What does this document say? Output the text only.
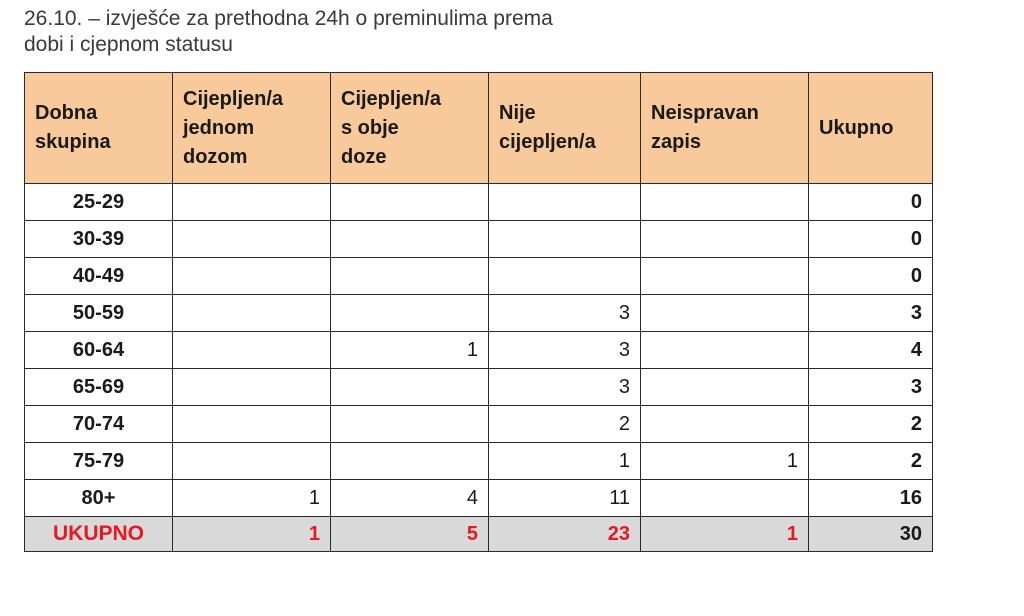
26.10. – izvješće za prethodna 24h o preminulima prema
dobi i cjepnom statusu
Dobna
skupina	Cijepljen/a
jednom
dozom	Cijepljen/a
s obje
doze	Nije
cijepljen/a	Neispravan
zapis	Ukupno
25-29					0
30-39					0
40-49					0
50-59			3		3
60-64		1	3		4
65-69			3		3
70-74			2		2
75-79			1	1	2
80+	1	4	11		16
UKUPNO	1	5	23	1	30
